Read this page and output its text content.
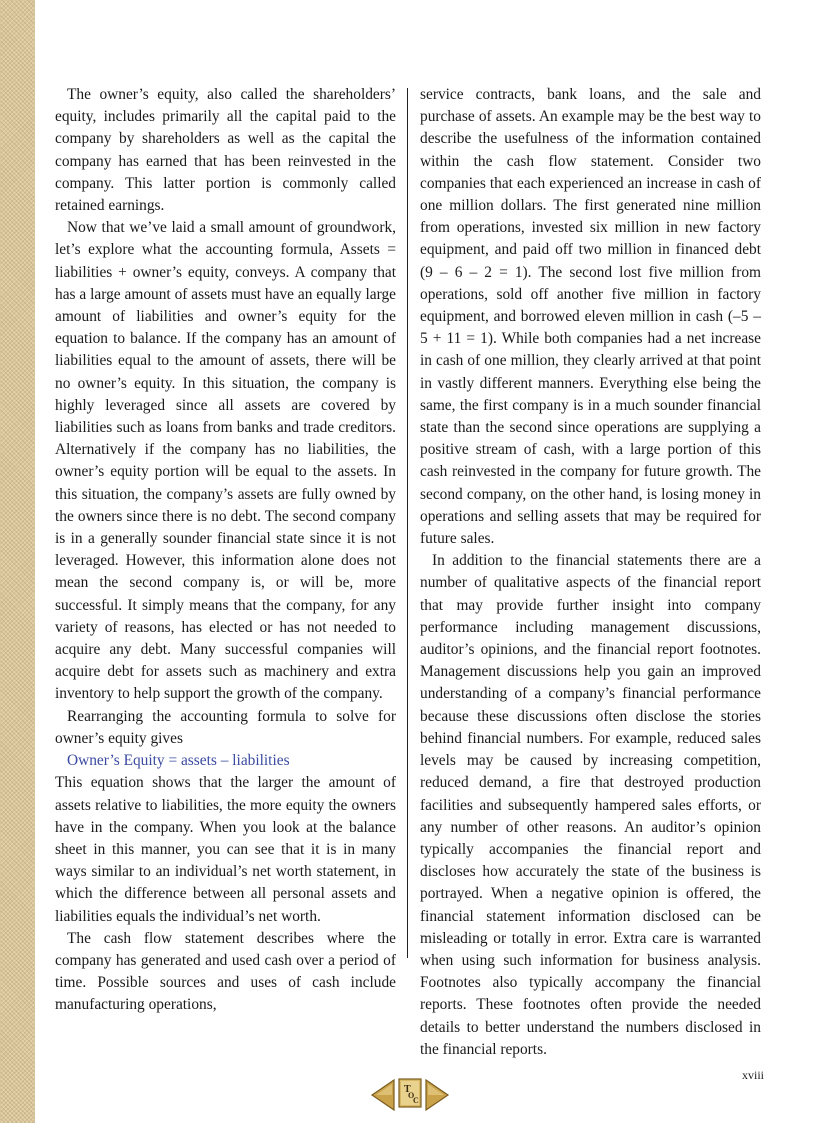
The owner’s equity, also called the shareholders’ equity, includes primarily all the capital paid to the company by shareholders as well as the capital the company has earned that has been reinvested in the company. This latter portion is commonly called retained earnings.

Now that we’ve laid a small amount of groundwork, let’s explore what the accounting formula, Assets = liabilities + owner’s equity, conveys. A company that has a large amount of assets must have an equally large amount of liabilities and owner’s equity for the equation to balance. If the company has an amount of liabilities equal to the amount of assets, there will be no owner’s equity. In this situation, the company is highly leveraged since all assets are covered by liabilities such as loans from banks and trade creditors. Alternatively if the company has no liabilities, the owner’s equity portion will be equal to the assets. In this situation, the company’s assets are fully owned by the owners since there is no debt. The second company is in a generally sounder financial state since it is not leveraged. However, this information alone does not mean the second company is, or will be, more successful. It simply means that the company, for any variety of reasons, has elected or has not needed to acquire any debt. Many successful companies will acquire debt for assets such as machinery and extra inventory to help support the growth of the company.

Rearranging the accounting formula to solve for owner’s equity gives

Owner’s Equity = assets – liabilities

This equation shows that the larger the amount of assets relative to liabilities, the more equity the owners have in the company. When you look at the balance sheet in this manner, you can see that it is in many ways similar to an individual’s net worth statement, in which the difference between all personal assets and liabilities equals the individual’s net worth.

The cash flow statement describes where the company has generated and used cash over a period of time. Possible sources and uses of cash include manufacturing operations,

service contracts, bank loans, and the sale and purchase of assets. An example may be the best way to describe the usefulness of the information contained within the cash flow statement. Consider two companies that each experienced an increase in cash of one million dollars. The first generated nine million from operations, invested six million in new factory equipment, and paid off two million in financed debt (9 – 6 – 2 = 1). The second lost five million from operations, sold off another five million in factory equipment, and borrowed eleven million in cash (–5 – 5 + 11 = 1). While both companies had a net increase in cash of one million, they clearly arrived at that point in vastly different manners. Everything else being the same, the first company is in a much sounder financial state than the second since operations are supplying a positive stream of cash, with a large portion of this cash reinvested in the company for future growth. The second company, on the other hand, is losing money in operations and selling assets that may be required for future sales.

In addition to the financial statements there are a number of qualitative aspects of the financial report that may provide further insight into company performance including management discussions, auditor’s opinions, and the financial report footnotes. Management discussions help you gain an improved understanding of a company’s financial performance because these discussions often disclose the stories behind financial numbers. For example, reduced sales levels may be caused by increasing competition, reduced demand, a fire that destroyed production facilities and subsequently hampered sales efforts, or any number of other reasons. An auditor’s opinion typically accompanies the financial report and discloses how accurately the state of the business is portrayed. When a negative opinion is offered, the financial statement information disclosed can be misleading or totally in error. Extra care is warranted when using such information for business analysis. Footnotes also typically accompany the financial reports. These footnotes often provide the needed details to better understand the numbers disclosed in the financial reports.

xviii
T
O
C
